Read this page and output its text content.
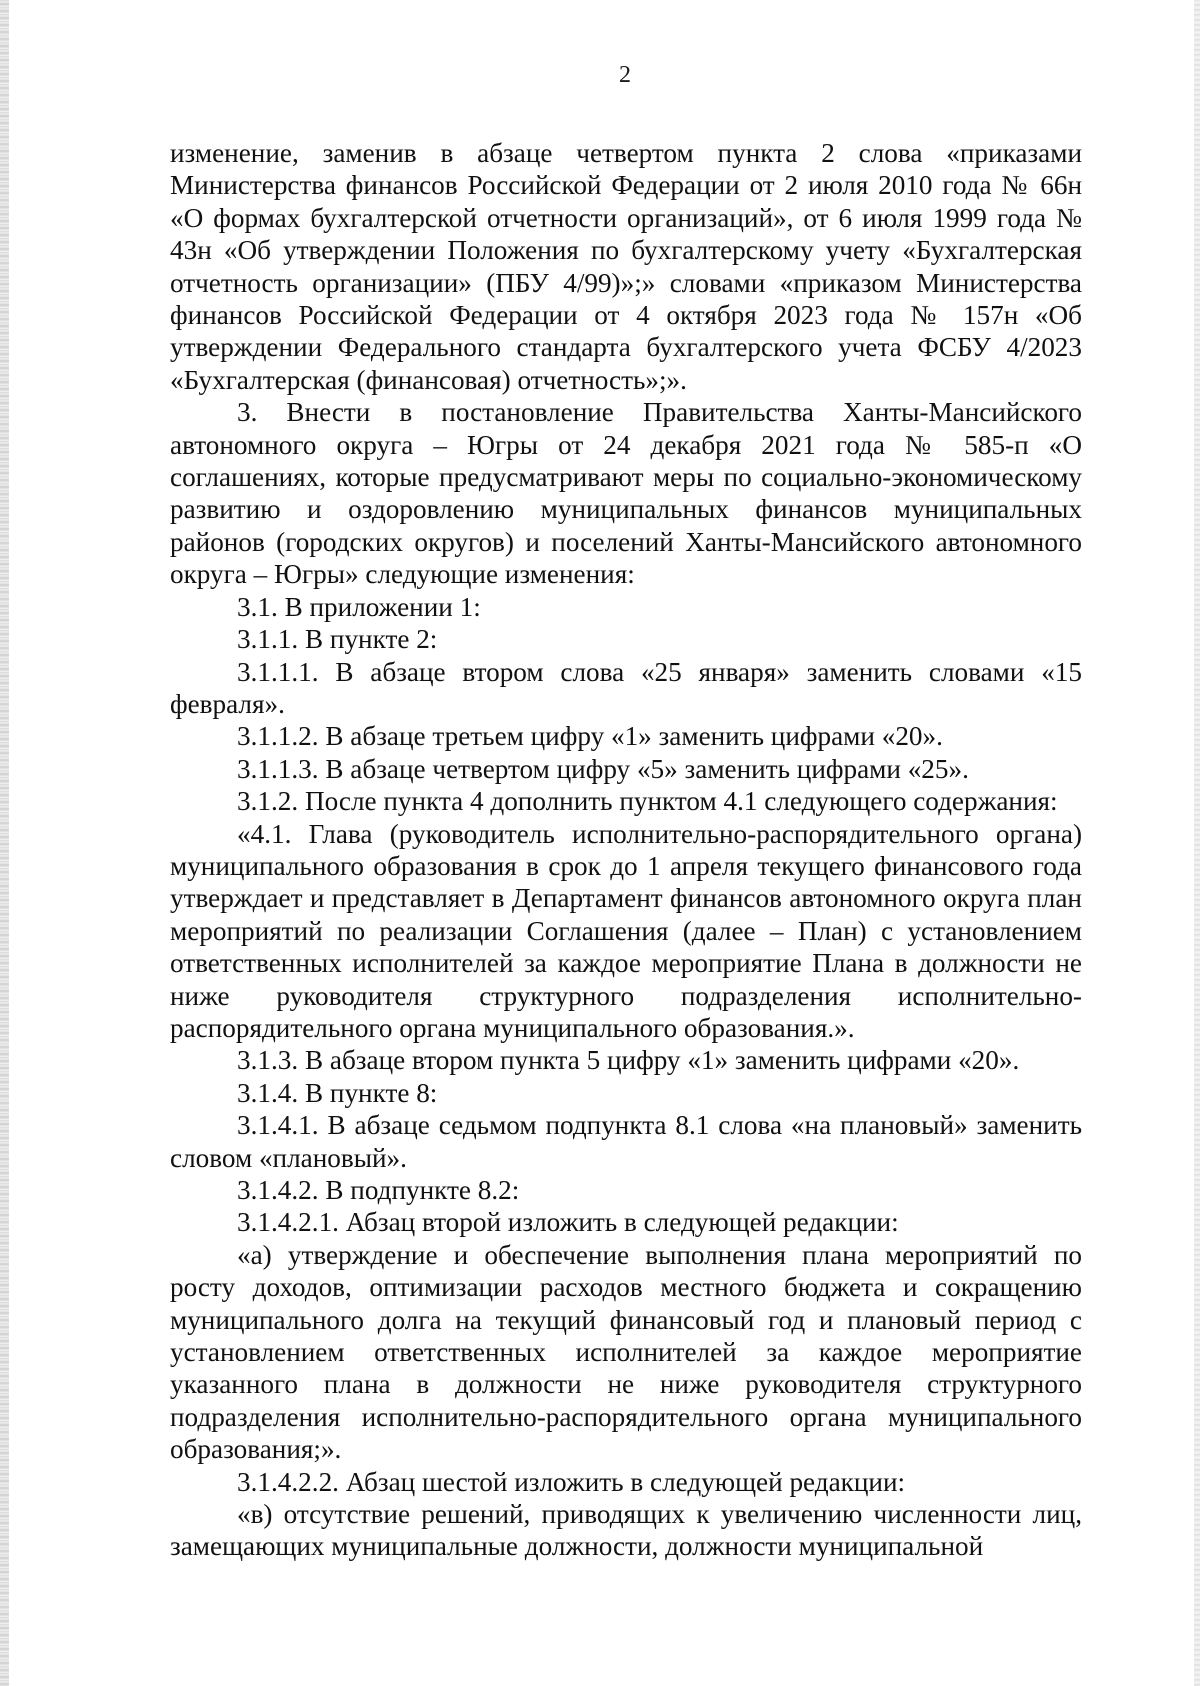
2

изменение, заменив в абзаце четвертом пункта 2 слова «приказами Министерства финансов Российской Федерации от 2 июля 2010 года № 66н «О формах бухгалтерской отчетности организаций», от 6 июля 1999 года № 43н «Об утверждении Положения по бухгалтерскому учету «Бухгалтерская отчетность организации» (ПБУ 4/99)»;» словами «приказом Министерства финансов Российской Федерации от 4 октября 2023 года № 157н «Об утверждении Федерального стандарта бухгалтерского учета ФСБУ 4/2023 «Бухгалтерская (финансовая) отчетность»;».

3. Внести в постановление Правительства Ханты-Мансийского автономного округа – Югры от 24 декабря 2021 года № 585-п «О соглашениях, которые предусматривают меры по социально-экономическому развитию и оздоровлению муниципальных финансов муниципальных районов (городских округов) и поселений Ханты-Мансийского автономного округа – Югры» следующие изменения:

3.1. В приложении 1:

3.1.1. В пункте 2:

3.1.1.1. В абзаце втором слова «25 января» заменить словами «15 февраля».

3.1.1.2. В абзаце третьем цифру «1» заменить цифрами «20».

3.1.1.3. В абзаце четвертом цифру «5» заменить цифрами «25».

3.1.2. После пункта 4 дополнить пунктом 4.1 следующего содержания:

«4.1. Глава (руководитель исполнительно-распорядительного органа) муниципального образования в срок до 1 апреля текущего финансового года утверждает и представляет в Департамент финансов автономного округа план мероприятий по реализации Соглашения (далее – План) с установлением ответственных исполнителей за каждое мероприятие Плана в должности не ниже руководителя структурного подразделения исполнительно-распорядительного органа муниципального образования.».

3.1.3. В абзаце втором пункта 5 цифру «1» заменить цифрами «20».

3.1.4. В пункте 8:

3.1.4.1. В абзаце седьмом подпункта 8.1 слова «на плановый» заменить словом «плановый».

3.1.4.2. В подпункте 8.2:

3.1.4.2.1. Абзац второй изложить в следующей редакции:

«а) утверждение и обеспечение выполнения плана мероприятий по росту доходов, оптимизации расходов местного бюджета и сокращению муниципального долга на текущий финансовый год и плановый период с установлением ответственных исполнителей за каждое мероприятие указанного плана в должности не ниже руководителя структурного подразделения исполнительно-распорядительного органа муниципального образования;».

3.1.4.2.2. Абзац шестой изложить в следующей редакции:

«в) отсутствие решений, приводящих к увеличению численности лиц, замещающих муниципальные должности, должности муниципальной
